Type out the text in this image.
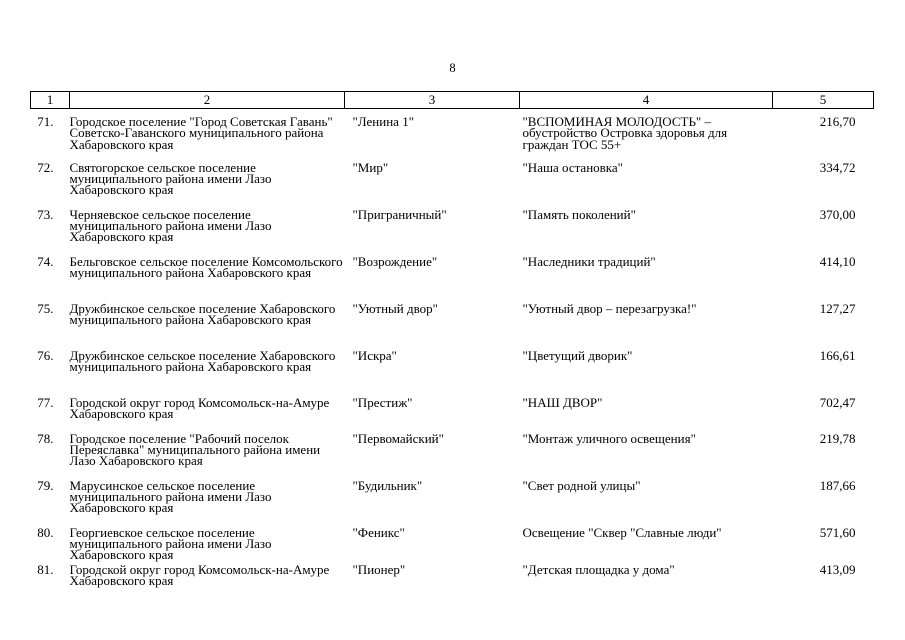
8
1	2	3	4	5
71.	Городское поселение "Город Советская Гавань" Советско-Гаванского муниципального района Хабаровского края	"Ленина 1"	"ВСПОМИНАЯ МОЛОДОСТЬ" – обустройство Островка здоровья для граждан ТОС 55+	216,70
72.	Святогорское сельское поселение муниципального района имени Лазо Хабаровского края	"Мир"	"Наша остановка"	334,72
73.	Черняевское сельское поселение муниципального района имени Лазо Хабаровского края	"Приграничный"	"Память поколений"	370,00
74.	Бельговское сельское поселение Комсомольского муниципального района Хабаровского края	"Возрождение"	"Наследники традиций"	414,10
75.	Дружбинское сельское поселение Хабаровского муниципального района Хабаровского края	"Уютный двор"	"Уютный двор – перезагрузка!"	127,27
76.	Дружбинское сельское поселение Хабаровского муниципального района Хабаровского края	"Искра"	"Цветущий дворик"	166,61
77.	Городской округ город Комсомольск-на-Амуре Хабаровского края	"Престиж"	"НАШ ДВОР"	702,47
78.	Городское поселение "Рабочий поселок Переяславка" муниципального района имени Лазо Хабаровского края	"Первомайский"	"Монтаж уличного освещения"	219,78
79.	Марусинское сельское поселение муниципального района имени Лазо Хабаровского края	"Будильник"	"Свет родной улицы"	187,66
80.	Георгиевское сельское поселение муниципального района имени Лазо Хабаровского края	"Феникс"	Освещение "Сквер "Славные люди"	571,60
81.	Городской округ город Комсомольск-на-Амуре Хабаровского края	"Пионер"	"Детская площадка у дома"	413,09
